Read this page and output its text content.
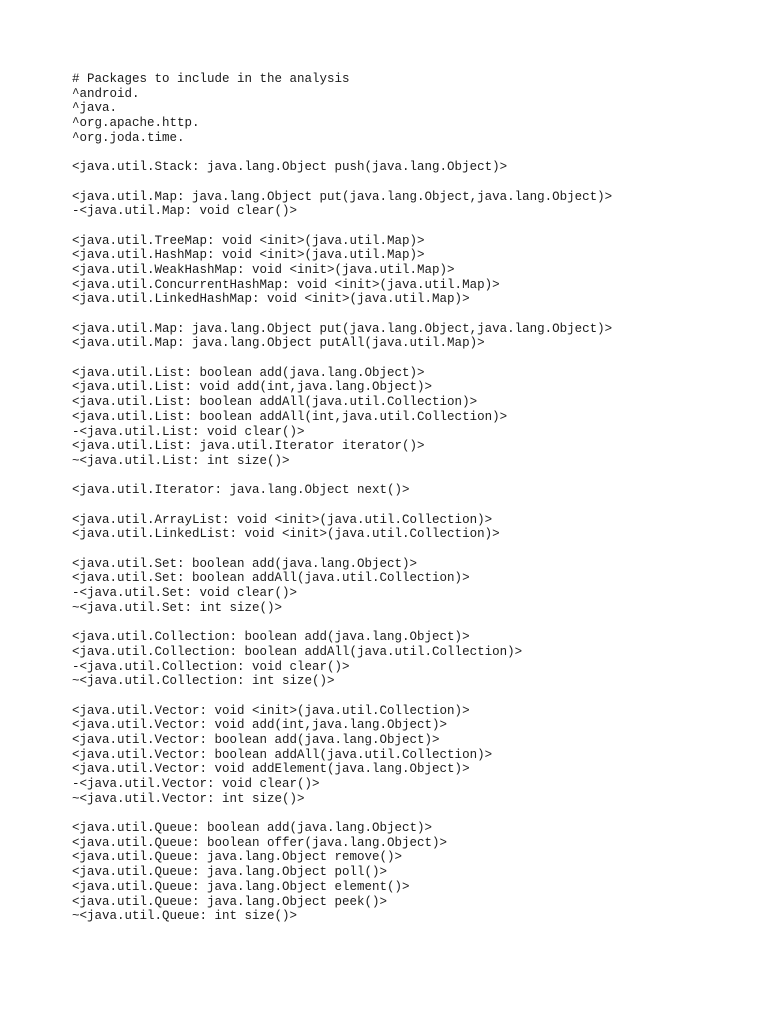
# Packages to include in the analysis
^android.
^java.
^org.apache.http.
^org.joda.time.
<java.util.Stack: java.lang.Object push(java.lang.Object)>
<java.util.Map: java.lang.Object put(java.lang.Object,java.lang.Object)>
-<java.util.Map: void clear()>
<java.util.TreeMap: void <init>(java.util.Map)>
<java.util.HashMap: void <init>(java.util.Map)>
<java.util.WeakHashMap: void <init>(java.util.Map)>
<java.util.ConcurrentHashMap: void <init>(java.util.Map)>
<java.util.LinkedHashMap: void <init>(java.util.Map)>
<java.util.Map: java.lang.Object put(java.lang.Object,java.lang.Object)>
<java.util.Map: java.lang.Object putAll(java.util.Map)>
<java.util.List: boolean add(java.lang.Object)>
<java.util.List: void add(int,java.lang.Object)>
<java.util.List: boolean addAll(java.util.Collection)>
<java.util.List: boolean addAll(int,java.util.Collection)>
-<java.util.List: void clear()>
<java.util.List: java.util.Iterator iterator()>
~<java.util.List: int size()>
<java.util.Iterator: java.lang.Object next()>
<java.util.ArrayList: void <init>(java.util.Collection)>
<java.util.LinkedList: void <init>(java.util.Collection)>
<java.util.Set: boolean add(java.lang.Object)>
<java.util.Set: boolean addAll(java.util.Collection)>
-<java.util.Set: void clear()>
~<java.util.Set: int size()>
<java.util.Collection: boolean add(java.lang.Object)>
<java.util.Collection: boolean addAll(java.util.Collection)>
-<java.util.Collection: void clear()>
~<java.util.Collection: int size()>
<java.util.Vector: void <init>(java.util.Collection)>
<java.util.Vector: void add(int,java.lang.Object)>
<java.util.Vector: boolean add(java.lang.Object)>
<java.util.Vector: boolean addAll(java.util.Collection)>
<java.util.Vector: void addElement(java.lang.Object)>
-<java.util.Vector: void clear()>
~<java.util.Vector: int size()>
<java.util.Queue: boolean add(java.lang.Object)>
<java.util.Queue: boolean offer(java.lang.Object)>
<java.util.Queue: java.lang.Object remove()>
<java.util.Queue: java.lang.Object poll()>
<java.util.Queue: java.lang.Object element()>
<java.util.Queue: java.lang.Object peek()>
~<java.util.Queue: int size()>
